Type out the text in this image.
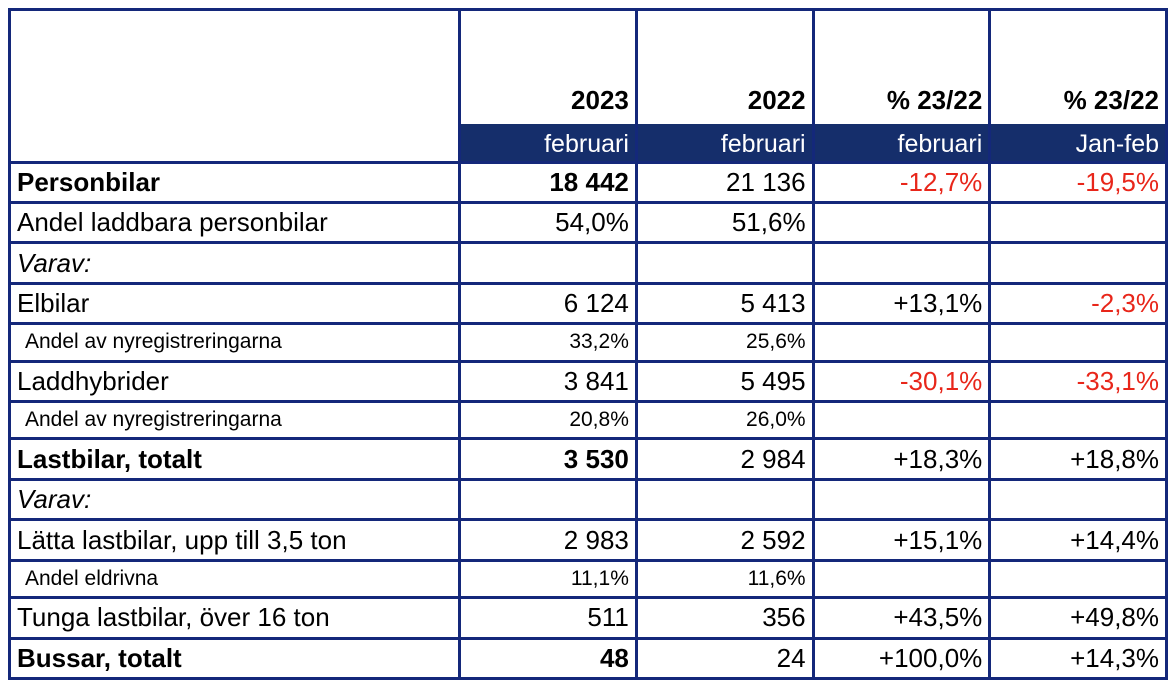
	2023	2022	% 23/22	% 23/22
	februari	februari	februari	Jan-feb
Personbilar	18 442	21 136	-12,7%	-19,5%
Andel laddbara personbilar	54,0%	51,6%		
Varav:				
Elbilar	6 124	5 413	+13,1%	-2,3%
Andel av nyregistreringarna	33,2%	25,6%		
Laddhybrider	3 841	5 495	-30,1%	-33,1%
Andel av nyregistreringarna	20,8%	26,0%		
Lastbilar, totalt	3 530	2 984	+18,3%	+18,8%
Varav:				
Lätta lastbilar, upp till 3,5 ton	2 983	2 592	+15,1%	+14,4%
Andel eldrivna	11,1%	11,6%		
Tunga lastbilar, över 16 ton	511	356	+43,5%	+49,8%
Bussar, totalt	48	24	+100,0%	+14,3%
